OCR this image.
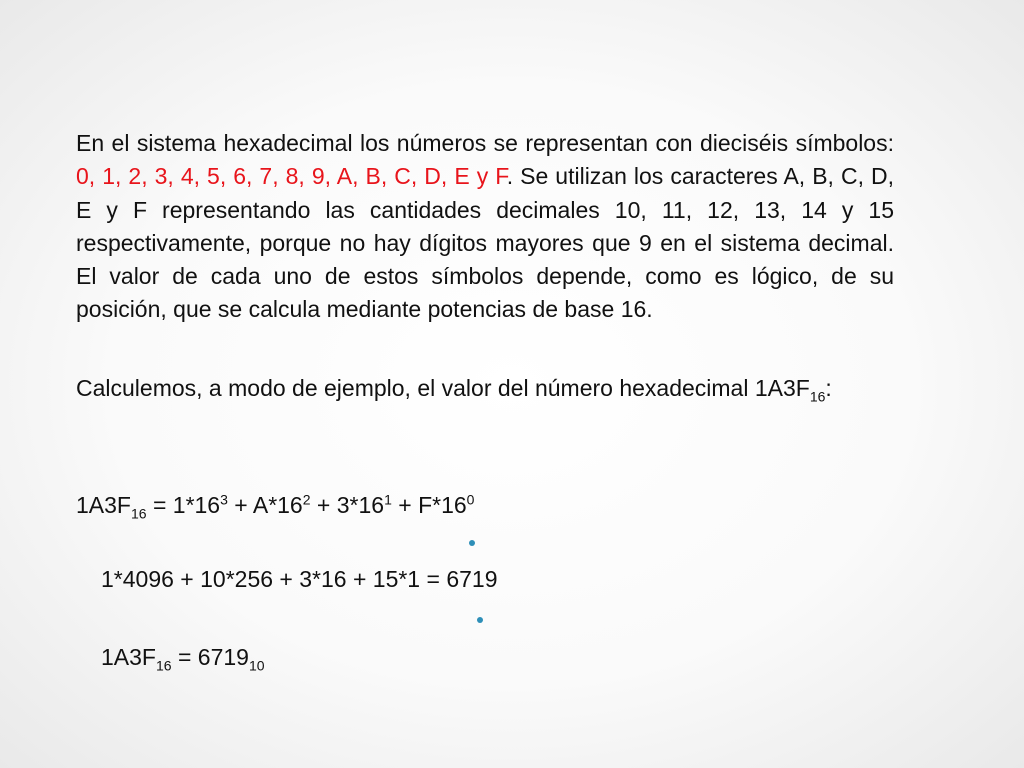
En el sistema hexadecimal los números se representan con dieciséis símbolos: 0, 1, 2, 3, 4, 5, 6, 7, 8, 9, A, B, C, D, E y F. Se utilizan los caracteres A, B, C, D, E y F representando las cantidades decimales 10, 11, 12, 13, 14 y 15 respectivamente, porque no hay dígitos mayores que 9 en el sistema decimal. El valor de cada uno de estos símbolos depende, como es lógico, de su posición, que se calcula mediante potencias de base 16.

Calculemos, a modo de ejemplo, el valor del número hexadecimal $1A3F_{16}$:

$1A3F_{16} = 1*16^3 + A*16^2 + 3*16^1 + F*16^0$

1*4096 + 10*256 + 3*16 + 15*1 = 6719

$1A3F_{16} = 6719_{10}$
